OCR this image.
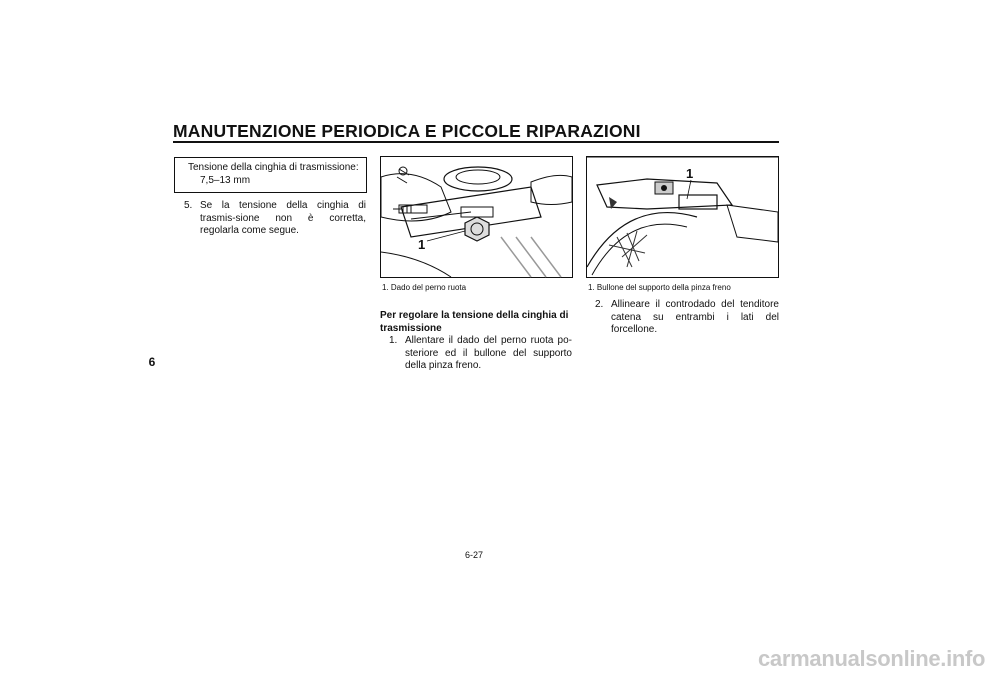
MANUTENZIONE PERIODICA E PICCOLE RIPARAZIONI
6
Tensione della cinghia di trasmissione:
7,5–13 mm
5. Se la tensione della cinghia di trasmis-sione non è corretta, regolarla come segue.
1
1. Dado del perno ruota
1
1. Bullone del supporto della pinza freno
Per regolare la tensione della cinghia di trasmissione
1. Allentare il dado del perno ruota po-steriore ed il bullone del supporto della pinza freno.
2. Allineare il controdado del tenditore catena su entrambi i lati del forcellone.
6-27
carmanualsonline.info
